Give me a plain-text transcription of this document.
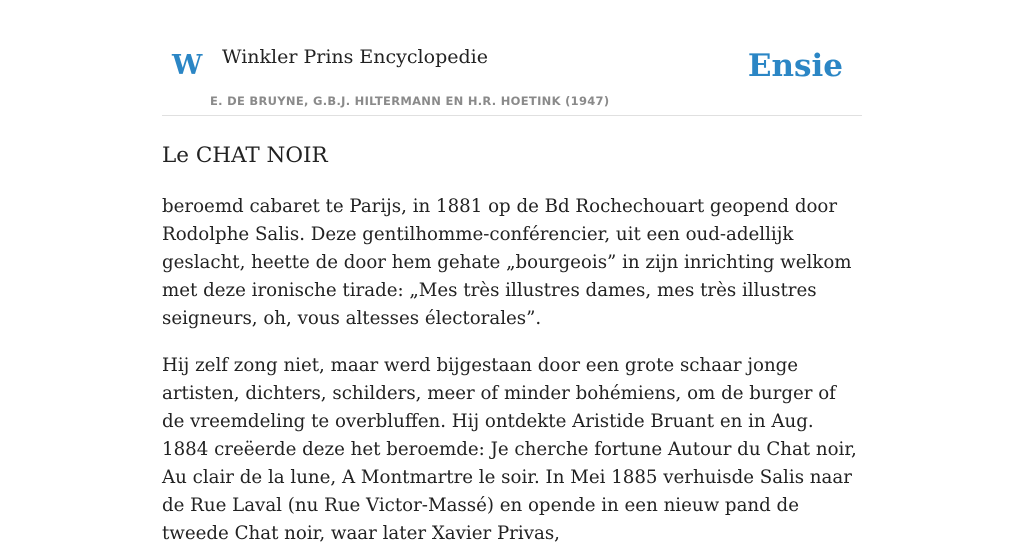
W Winkler Prins Encyclopedie
E. DE BRUYNE, G.B.J. HILTERMANN EN H.R. HOETINK (1947)
Ensie
Le CHAT NOIR

beroemd cabaret te Parijs, in 1881 op de Bd Rochechouart geopend door Rodolphe Salis. Deze gentilhomme-conférencier, uit een oud-adellijk geslacht, heette de door hem gehate „bourgeois” in zijn inrichting welkom met deze ironische tirade: „Mes très illustres dames, mes très illustres seigneurs, oh, vous altesses électorales”.

Hij zelf zong niet, maar werd bijgestaan door een grote schaar jonge artisten, dichters, schilders, meer of minder bohémiens, om de burger of de vreemdeling te overbluffen. Hij ontdekte Aristide Bruant en in Aug. 1884 creëerde deze het beroemde: Je cherche fortune Autour du Chat noir, Au clair de la lune, A Montmartre le soir. In Mei 1885 verhuisde Salis naar de Rue Laval (nu Rue Victor-Massé) en opende in een nieuw pand de tweede Chat noir, waar later Xavier Privas,
